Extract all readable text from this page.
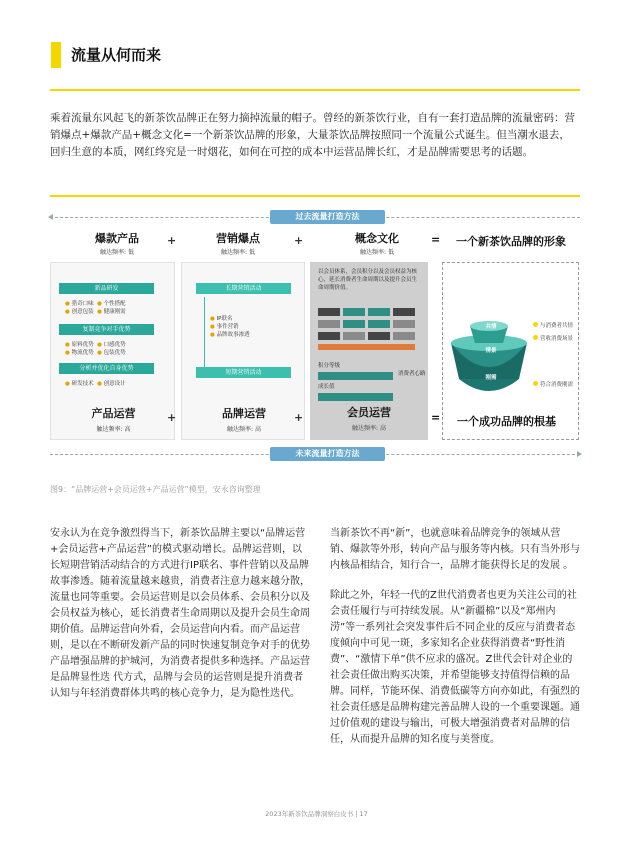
流量从何而来
乘着流量东风起飞的新茶饮品牌正在努力摘掉流量的帽子。曾经的新茶饮行业，自有一套打造品牌的流量密码：营销爆点+爆款产品+概念文化=一个新茶饮品牌的形象，大量茶饮品牌按照同一个流量公式诞生。但当潮水退去，回归生意的本质，网红终究是一时烟花，如何在可控的成本中运营品牌长红，才是品牌需要思考的话题。
过去流量打造方法
爆款产品
触达频率: 低
+	营销爆点
触达频率: 低
+	概念文化
触达频率: 低
= 一个新茶饮品牌的形象
新品研发
● 猎奇口味 ● 个性搭配
● 创意包装 ● 健康刚需
复制竞争对手优势
● 原料优势 ● 口感优势
● 物流优势 ● 包装优势
分析并优化自身优势
● 研发技术 ● 创意设计
产品运营
触达频率: 高
+
长期营销活动
● IP联名
● 事件营销
● 品牌故事渗透
短期营销活动
品牌运营
触达频率: 高
+
以会员体系，会员积分以及会员权益为核心，延长消费者生命周期以及提升会员生命周期价值。
积分等级
成长值
消费者心路
会员运营
触达频率: 高
=
共情
情景
刚需
与消费者共情
营收消费场景
符合消费刚需
一个成功品牌的根基
未来流量打造方法
图9：“品牌运营+会员运营+产品运营”模型，安永咨询整理
安永认为在竞争激烈得当下，新茶饮品牌主要以“品牌运营+会员运营+产品运营”的模式驱动增长。品牌运营则，以长短期营销活动结合的方式进行IP联名、事件营销以及品牌故事渗透。随着流量越来越贵，消费者注意力越来越分散，流量也同等重要。会员运营则是以会员体系、会员积分以及会员权益为核心，延长消费者生命周期以及提升会员生命周期价值。品牌运营向外看，会员运营向内看。而产品运营则，是以在不断研发新产品的同时快速复制竞争对手的优势产品增强品牌的护城河，为消费者提供多种选择。产品运营是品牌显性迭 代方式，品牌与会员的运营则是提升消费者认知与年轻消费群体共鸣的核心竞争力，是为隐性迭代。
当新茶饮不再“新”，也就意味着品牌竞争的领域从营销、爆款等外形，转向产品与服务等内核。只有当外形与内核品相结合，知行合一，品牌才能获得长足的发展 。
除此之外，年轻一代的Z世代消费者也更为关注公司的社会责任履行与可持续发展。从“新疆棉”以及“郑州内涝”等一系列社会突发事件后不同企业的反应与消费者态度倾向中可见一斑，多家知名企业获得消费者“野性消费”、“激情下单”供不应求的盛况。Z世代会针对企业的社会责任做出购买决策，并希望能够支持值得信赖的品牌。同样，节能环保、消费低碳等方向亦如此，有强烈的社会责任感是品牌构建完善品牌人设的一个重要课题。通过价值观的建设与输出，可极大增强消费者对品牌的信任，从而提升品牌的知名度与美誉度。
2023年新茶饮品牌洞察白皮书 | 17
